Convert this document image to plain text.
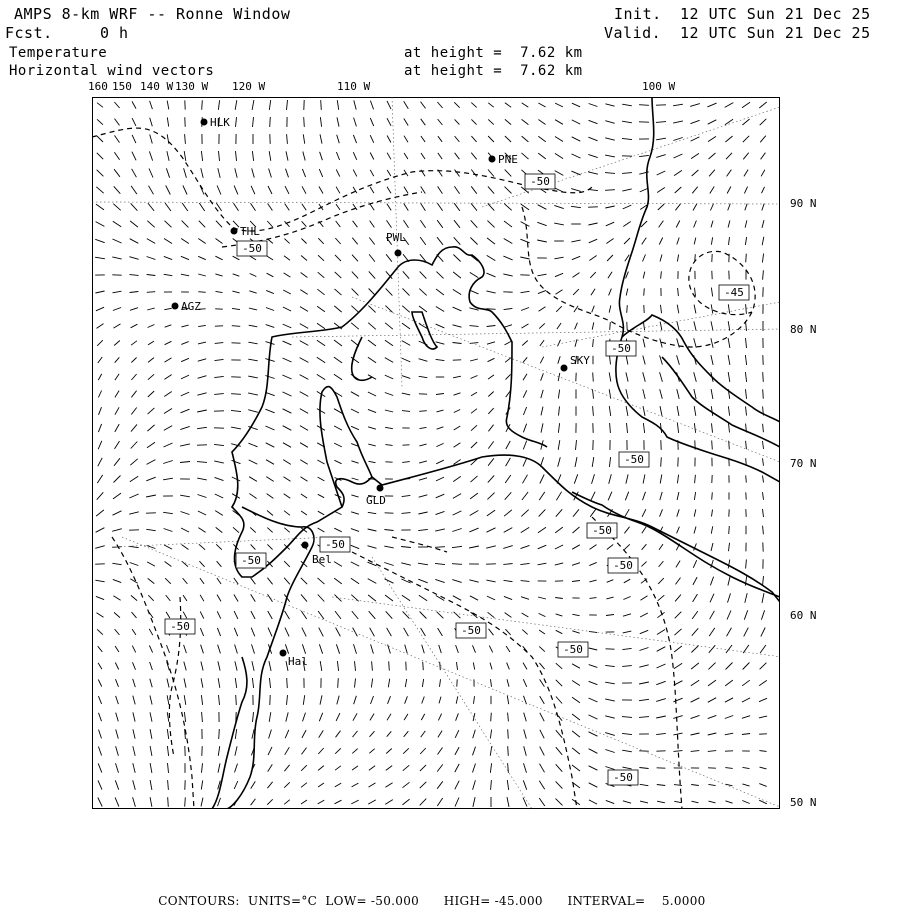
AMPS 8-km WRF -- Ronne Window
Fcst.	0 h
Init. 12 UTC Sun 21 Dec 25
Valid. 12 UTC Sun 21 Dec 25
Temperature	at height =  7.62 km
Horizontal wind vectors	at height =  7.62 km
160 150 140 W 130 W 120 W	110 W	100 W
90 N
80 N
70 N
60 N
50 N
-50
-50
-45
-50
-50
-50
-50
-50
-50	-50
-50
-50
-50
HLK
PNE
THL	PWL
AGZ
SKY
GLD
Bel
Hal

CONTOURS: UNITS=°C LOW= -50.000 HIGH= -45.000 INTERVAL=    5.0000
